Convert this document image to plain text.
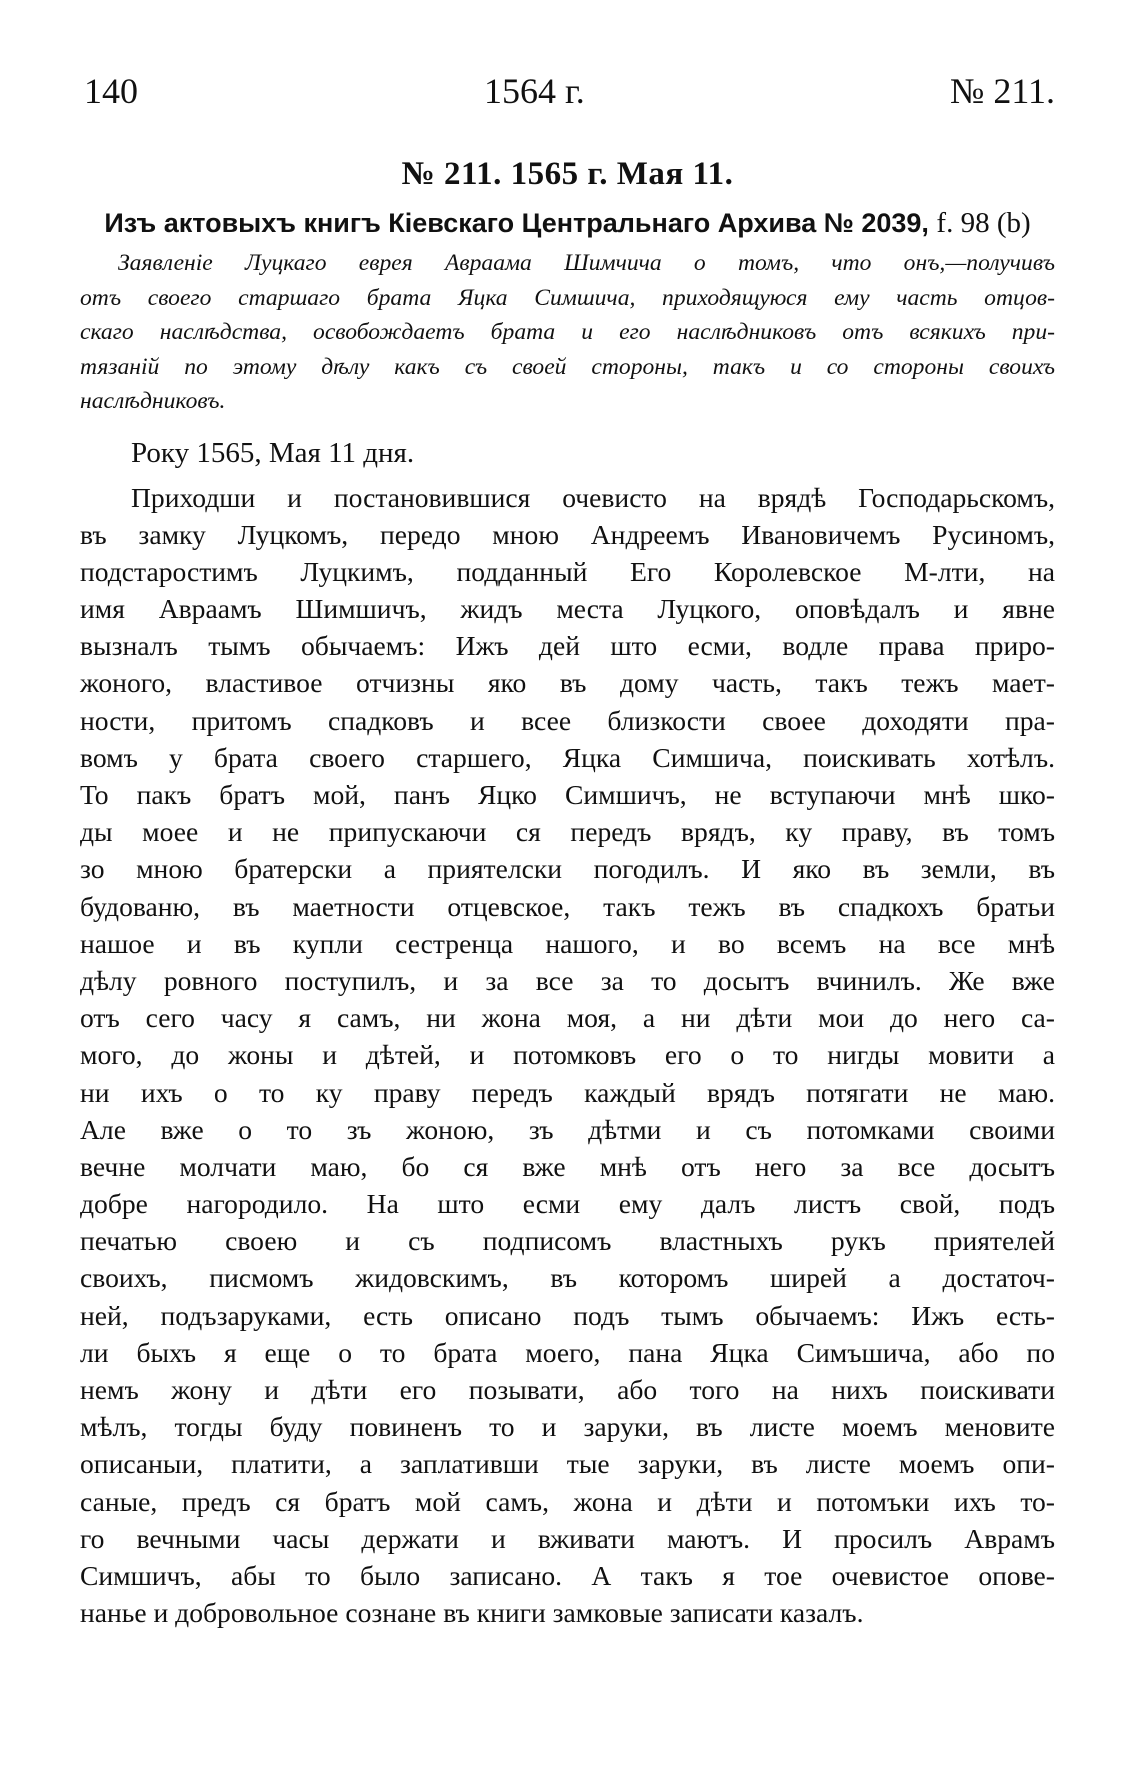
140	1564 г.	№ 211.
№ 211. 1565 г. Мая 11.
Изъ актовыхъ книгъ Кіевскаго Центральнаго Архива № 2039, f. 98 (b)
Заявленіе Луцкаго еврея Авраама Шимчича о томъ, что онъ,—получивъ
отъ своего старшаго брата Яцка Симшича, приходящуюся ему часть отцов-
скаго наслѣдства, освобождаетъ брата и его наслѣдниковъ отъ всякихъ при-
тязаній по этому дѣлу какъ съ своей стороны, такъ и со стороны своихъ
наслѣдниковъ.
Року 1565, Мая 11 дня.
Приходши и постановившися очевисто на врядѣ Господарьскомъ,
въ замку Луцкомъ, передо мною Андреемъ Ивановичемъ Русиномъ,
подстаростимъ Луцкимъ, подданный Его Королевское М-лти, на
имя Авраамъ Шимшичъ, жидъ места Луцкого, оповѣдалъ и явне
вызналъ тымъ обычаемъ: Ижъ дей што есми, водле права приро-
жоного, властивое отчизны яко въ дому часть, такъ тежъ мает-
ности, притомъ спадковъ и всее близкости своее доходяти пра-
вомъ у брата своего старшего, Яцка Симшича, поискивать хотѣлъ.
То пакъ братъ мой, панъ Яцко Симшичъ, не вступаючи мнѣ шко-
ды моее и не припускаючи ся передъ врядъ, ку праву, въ томъ
зо мною братерски а приятелски погодилъ. И яко въ земли, въ
будованю, въ маетности отцевское, такъ тежъ въ спадкохъ братьи
нашое и въ купли сестренца нашого, и во всемъ на все мнѣ
дѣлу ровного поступилъ, и за все за то досытъ вчинилъ. Же вже
отъ сего часу я самъ, ни жона моя, а ни дѣти мои до него са-
мого, до жоны и дѣтей, и потомковъ его о то нигды мовити а
ни ихъ о то ку праву передъ каждый врядъ потягати не маю.
Але вже о то зъ жоною, зъ дѣтми и съ потомками своими
вечне молчати маю, бо ся вже мнѣ отъ него за все досытъ
добре нагородило. На што есми ему далъ листъ свой, подъ
печатью своею и съ подписомъ властныхъ рукъ приятелей
своихъ, писмомъ жидовскимъ, въ которомъ ширей а достаточ-
ней, подъзаруками, есть описано подъ тымъ обычаемъ: Ижъ есть-
ли быхъ я еще о то брата моего, пана Яцка Симъшича, або по
немъ жону и дѣти его позывати, або того на нихъ поискивати
мѣлъ, тогды буду повиненъ то и заруки, въ листе моемъ меновите
описаныи, платити, а заплативши тые заруки, въ листе моемъ опи-
саные, предъ ся братъ мой самъ, жона и дѣти и потомъки ихъ то-
го вечными часы держати и вживати маютъ. И просилъ Аврамъ
Симшичъ, абы то было записано. А такъ я тое очевистое опове-
нанье и добровольное сознане въ книги замковые записати казалъ.
